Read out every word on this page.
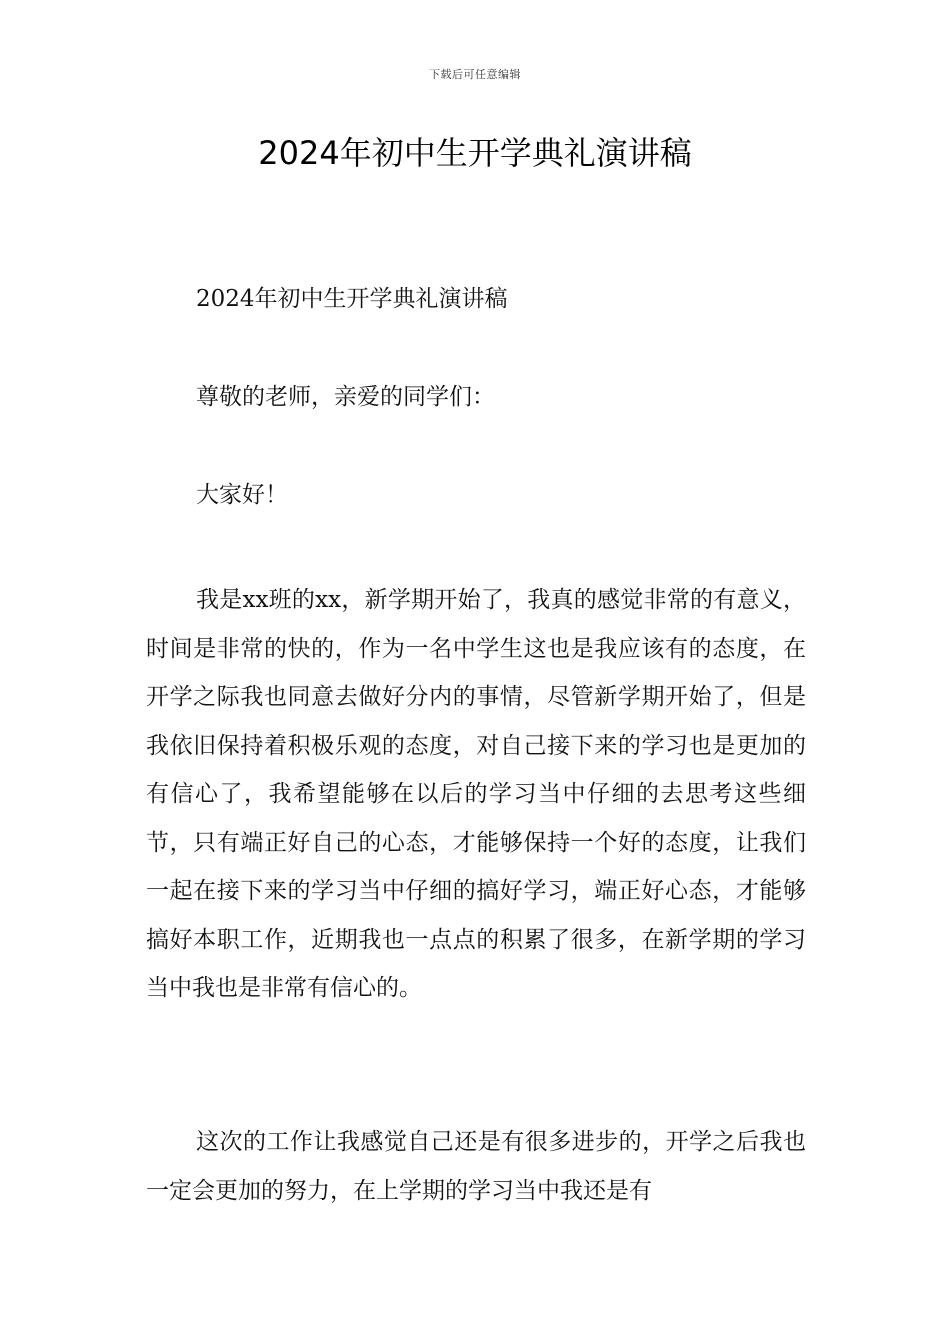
下载后可任意编辑
2024年初中生开学典礼演讲稿

2024年初中生开学典礼演讲稿

尊敬的老师，亲爱的同学们：

大家好！

我是xx班的xx，新学期开始了，我真的感觉非常的有意义，时间是非常的快的，作为一名中学生这也是我应该有的态度，在开学之际我也同意去做好分内的事情，尽管新学期开始了，但是我依旧保持着积极乐观的态度，对自己接下来的学习也是更加的有信心了，我希望能够在以后的学习当中仔细的去思考这些细节，只有端正好自己的心态，才能够保持一个好的态度，让我们一起在接下来的学习当中仔细的搞好学习，端正好心态，才能够搞好本职工作，近期我也一点点的积累了很多，在新学期的学习当中我也是非常有信心的。

这次的工作让我感觉自己还是有很多进步的，开学之后我也一定会更加的努力，在上学期的学习当中我还是有
